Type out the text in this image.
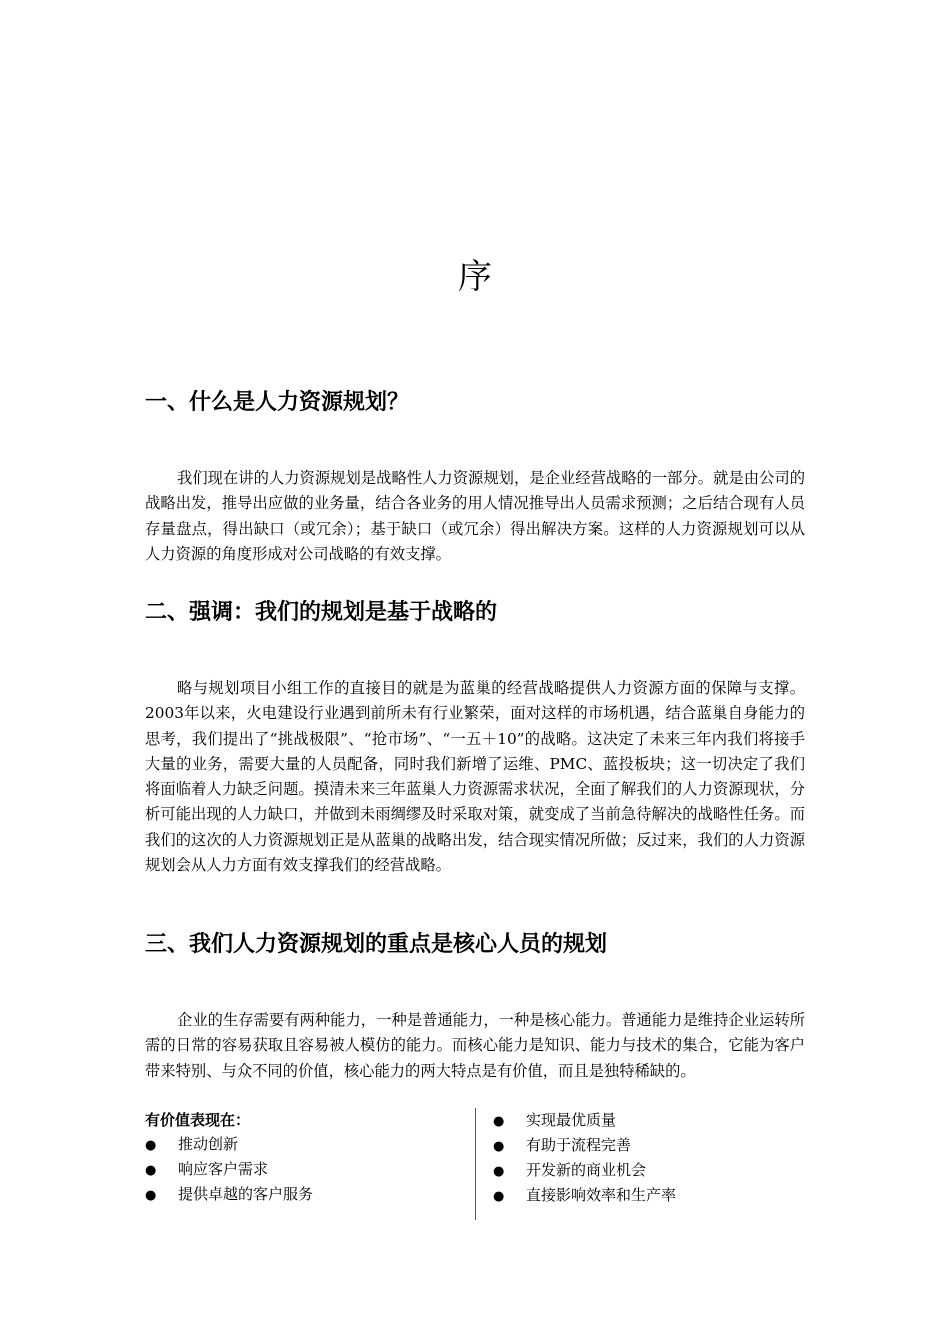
序
一、什么是人力资源规划？
我们现在讲的人力资源规划是战略性人力资源规划，是企业经营战略的一部分。就是由公司的战略出发，推导出应做的业务量，结合各业务的用人情况推导出人员需求预测；之后结合现有人员存量盘点，得出缺口（或冗余）；基于缺口（或冗余）得出解决方案。这样的人力资源规划可以从人力资源的角度形成对公司战略的有效支撑。
二、强调：我们的规划是基于战略的
略与规划项目小组工作的直接目的就是为蓝巢的经营战略提供人力资源方面的保障与支撑。2003年以来，火电建设行业遇到前所未有行业繁荣，面对这样的市场机遇，结合蓝巢自身能力的思考，我们提出了“挑战极限”、“抢市场”、“一五＋10”的战略。这决定了未来三年内我们将接手大量的业务，需要大量的人员配备，同时我们新增了运维、PMC、蓝投板块；这一切决定了我们将面临着人力缺乏问题。摸清未来三年蓝巢人力资源需求状况，全面了解我们的人力资源现状，分析可能出现的人力缺口，并做到未雨绸缪及时采取对策，就变成了当前急待解决的战略性任务。而我们的这次的人力资源规划正是从蓝巢的战略出发，结合现实情况所做；反过来，我们的人力资源规划会从人力方面有效支撑我们的经营战略。
三、我们人力资源规划的重点是核心人员的规划
企业的生存需要有两种能力，一种是普通能力，一种是核心能力。普通能力是维持企业运转所需的日常的容易获取且容易被人模仿的能力。而核心能力是知识、能力与技术的集合，它能为客户带来特别、与众不同的价值，核心能力的两大特点是有价值，而且是独特稀缺的。
有价值表现在：
● 推动创新
● 响应客户需求
● 提供卓越的客户服务
● 实现最优质量
● 有助于流程完善
● 开发新的商业机会
● 直接影响效率和生产率
